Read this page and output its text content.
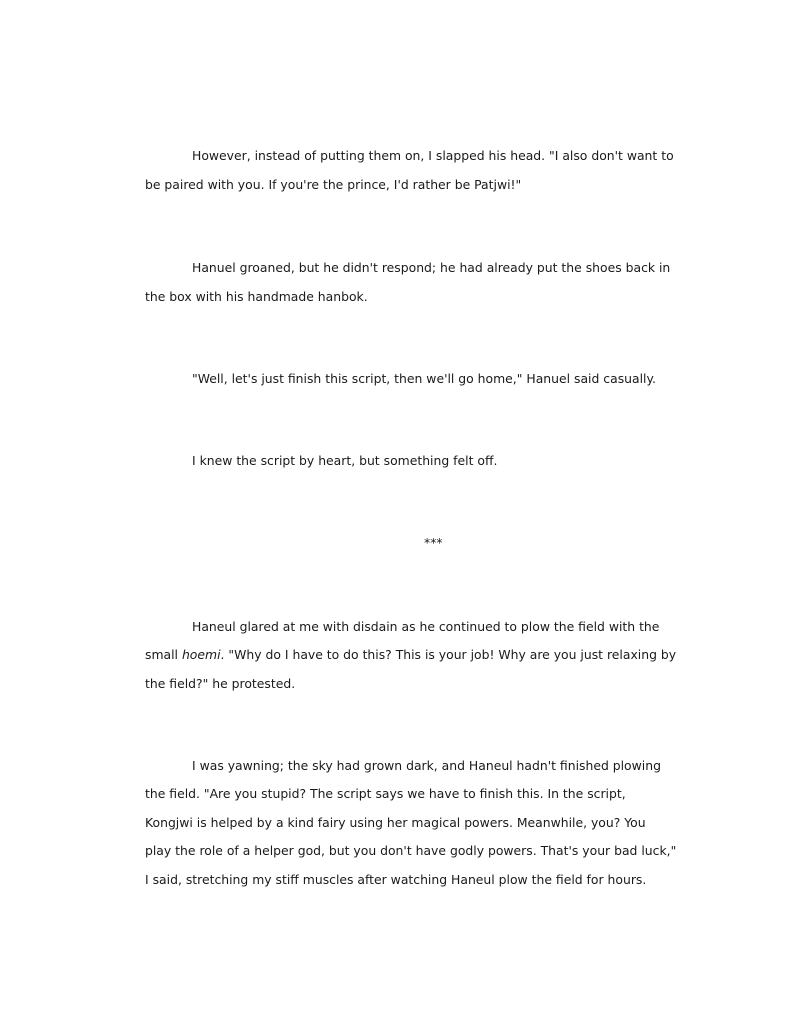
However, instead of putting them on, I slapped his head. "I also don't want to
be paired with you. If you're the prince, I'd rather be Patjwi!"
Hanuel groaned, but he didn't respond; he had already put the shoes back in
the box with his handmade hanbok.
"Well, let's just finish this script, then we'll go home," Hanuel said casually.
I knew the script by heart, but something felt off.
***
Haneul glared at me with disdain as he continued to plow the field with the
small hoemi. "Why do I have to do this? This is your job! Why are you just relaxing by
the field?" he protested.
I was yawning; the sky had grown dark, and Haneul hadn't finished plowing
the field. "Are you stupid? The script says we have to finish this. In the script,
Kongjwi is helped by a kind fairy using her magical powers. Meanwhile, you? You
play the role of a helper god, but you don't have godly powers. That's your bad luck,"
I said, stretching my stiff muscles after watching Haneul plow the field for hours.
